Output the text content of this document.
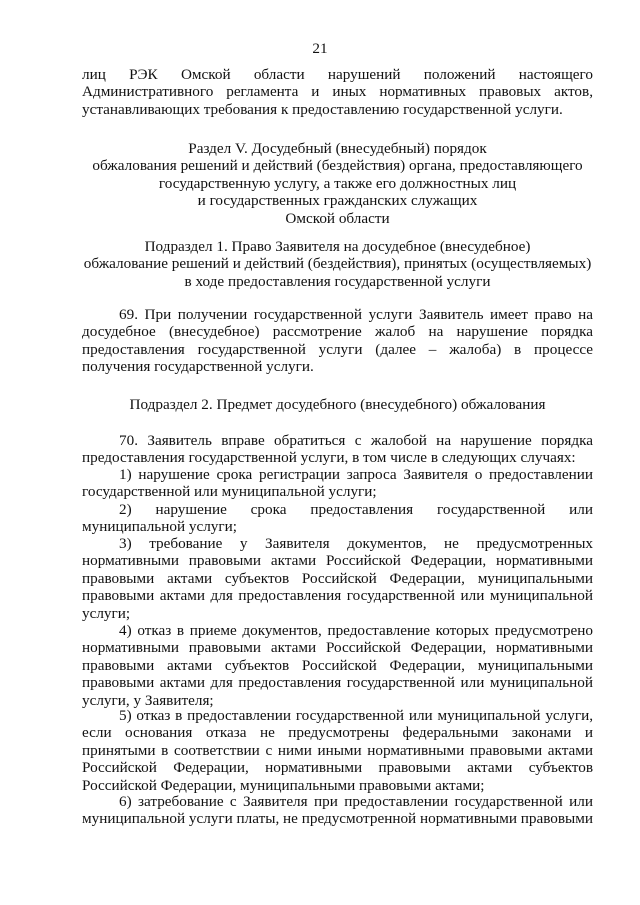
21
лиц РЭК Омской области нарушений положений настоящего Административного регламента и иных нормативных правовых актов, устанавливающих требования к предоставлению государственной услуги.

Раздел V. Досудебный (внесудебный) порядок

обжалования решений и действий (бездействия) органа, предоставляющего

государственную услугу, а также его должностных лиц

и государственных гражданских служащих

Омской области

Подраздел 1. Право Заявителя на досудебное (внесудебное)

обжалование решений и действий (бездействия), принятых (осуществляемых)

в ходе предоставления государственной услуги

69. При получении государственной услуги Заявитель имеет право на досудебное (внесудебное) рассмотрение жалоб на нарушение порядка предоставления государственной услуги (далее – жалоба) в процессе получения государственной услуги.
Подраздел 2. Предмет досудебного (внесудебного) обжалования
70. Заявитель вправе обратиться с жалобой на нарушение порядка предоставления государственной услуги, в том числе в следующих случаях:
1) нарушение срока регистрации запроса Заявителя о предоставлении государственной или муниципальной услуги;
2) нарушение срока предоставления государственной или муниципальной услуги;
3) требование у Заявителя документов, не предусмотренных нормативными правовыми актами Российской Федерации, нормативными правовыми актами субъектов Российской Федерации, муниципальными правовыми актами для предоставления государственной или муниципальной услуги;
4) отказ в приеме документов, предоставление которых предусмотрено нормативными правовыми актами Российской Федерации, нормативными правовыми актами субъектов Российской Федерации, муниципальными правовыми актами для предоставления государственной или муниципальной услуги, у Заявителя;
5) отказ в предоставлении государственной или муниципальной услуги, если основания отказа не предусмотрены федеральными законами и принятыми в соответствии с ними иными нормативными правовыми актами Российской Федерации, нормативными правовыми актами субъектов Российской Федерации, муниципальными правовыми актами;
6) затребование с Заявителя при предоставлении государственной или муниципальной услуги платы, не предусмотренной нормативными правовыми
